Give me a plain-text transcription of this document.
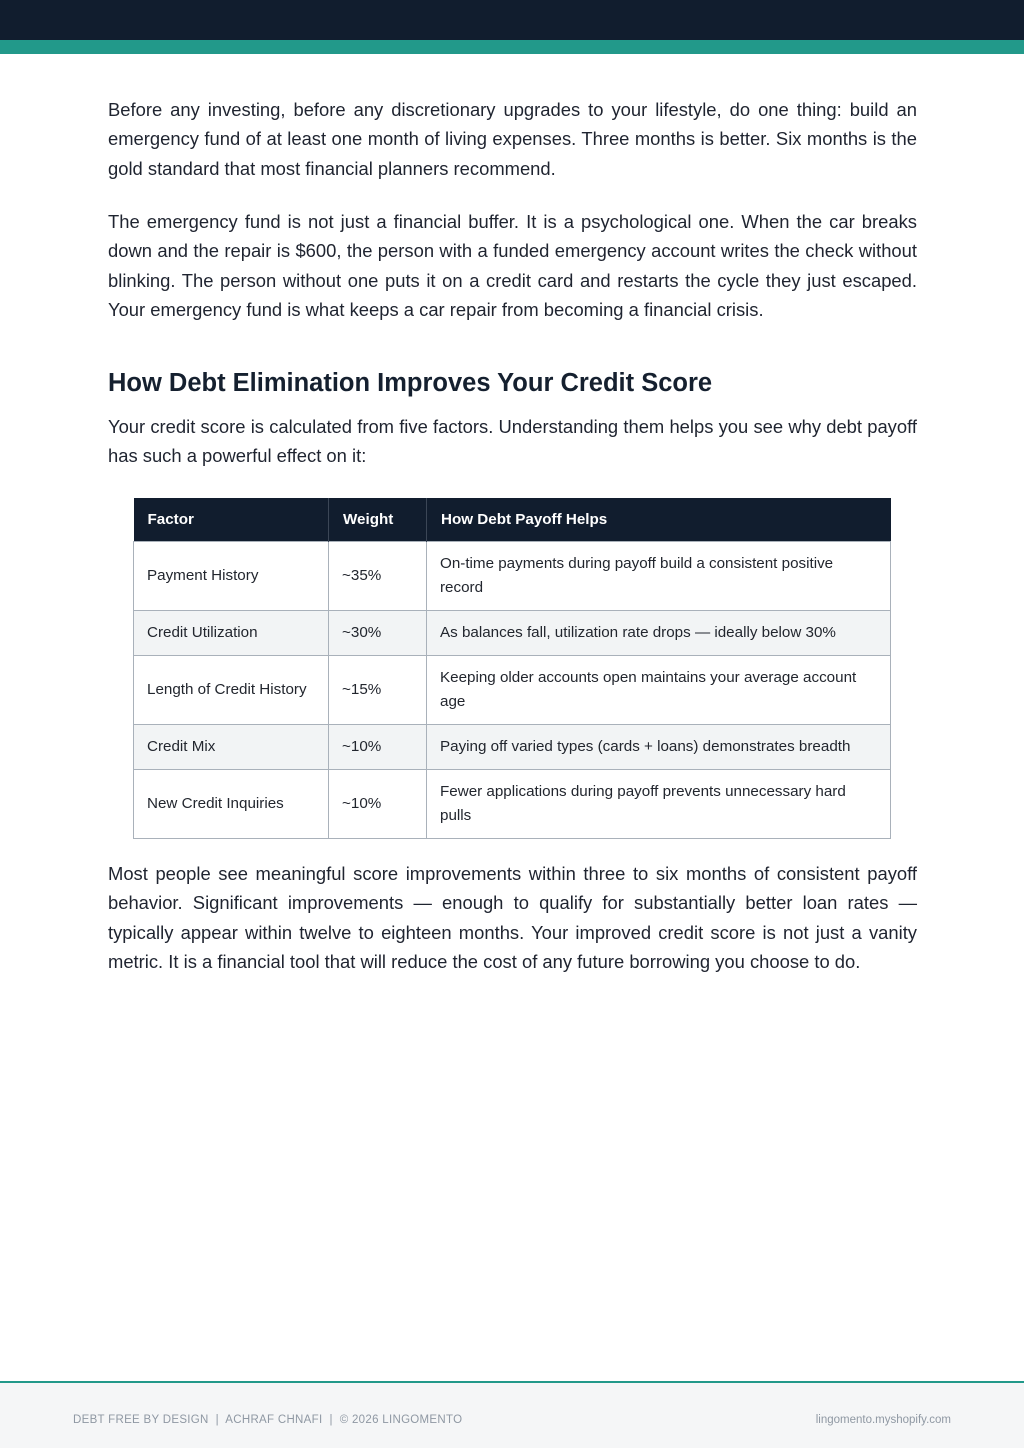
Before any investing, before any discretionary upgrades to your lifestyle, do one thing: build an emergency fund of at least one month of living expenses. Three months is better. Six months is the gold standard that most financial planners recommend.

The emergency fund is not just a financial buffer. It is a psychological one. When the car breaks down and the repair is $600, the person with a funded emergency account writes the check without blinking. The person without one puts it on a credit card and restarts the cycle they just escaped. Your emergency fund is what keeps a car repair from becoming a financial crisis.

How Debt Elimination Improves Your Credit Score

Your credit score is calculated from five factors. Understanding them helps you see why debt payoff has such a powerful effect on it:

Most people see meaningful score improvements within three to six months of consistent payoff behavior. Significant improvements — enough to qualify for substantially better loan rates — typically appear within twelve to eighteen months. Your improved credit score is not just a vanity metric. It is a financial tool that will reduce the cost of any future borrowing you choose to do.

Factor	Weight	How Debt Payoff Helps
Payment History	~35%	On-time payments during payoff build a consistent positive record
Credit Utilization	~30%	As balances fall, utilization rate drops — ideally below 30%
Length of Credit History	~15%	Keeping older accounts open maintains your average account age
Credit Mix	~10%	Paying off varied types (cards + loans) demonstrates breadth
New Credit Inquiries	~10%	Fewer applications during payoff prevents unnecessary hard pulls
DEBT FREE BY DESIGN  |  ACHRAF CHNAFI  |  © 2026 LINGOMENTO	lingomento.myshopify.com
